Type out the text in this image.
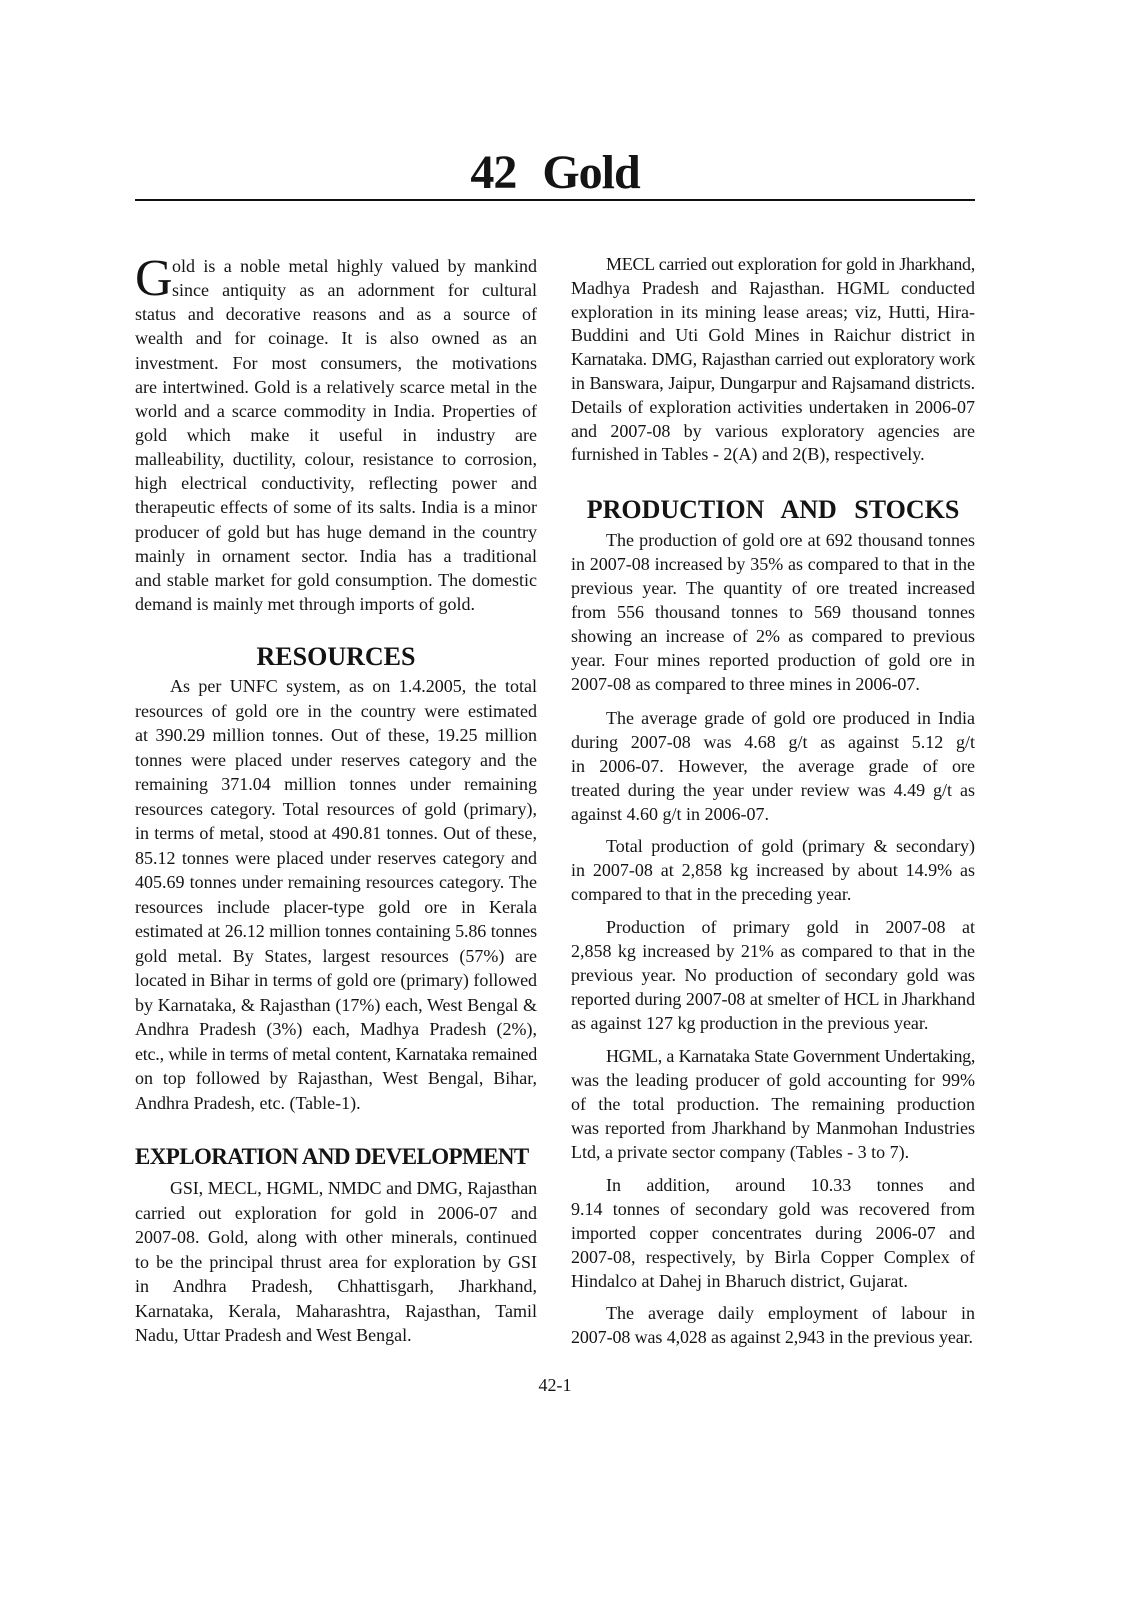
42 Gold
G old is a noble metal highly valued by mankind
since antiquity as an adornment for cultural
status and decorative reasons and as a source of
wealth and for coinage. It is also owned as an
investment. For most consumers, the motivations
are intertwined. Gold is a relatively scarce metal in the
world and a scarce commodity in India. Properties of
gold which make it useful in industry are
malleability, ductility, colour, resistance to corrosion,
high electrical conductivity, reflecting power and
therapeutic effects of some of its salts. India is a minor
producer of gold but has huge demand in the country
mainly in ornament sector. India has a traditional
and stable market for gold consumption. The domestic
demand is mainly met through imports of gold.
RESOURCES
As per UNFC system, as on 1.4.2005, the total
resources of gold ore in the country were estimated
at 390.29 million tonnes. Out of these, 19.25 million
tonnes were placed under reserves category and the
remaining 371.04 million tonnes under remaining
resources category. Total resources of gold (primary),
in terms of metal, stood at 490.81 tonnes. Out of these,
85.12 tonnes were placed under reserves category and
405.69 tonnes under remaining resources category. The
resources include placer-type gold ore in Kerala
estimated at 26.12 million tonnes containing 5.86 tonnes
gold metal. By States, largest resources (57%) are
located in Bihar in terms of gold ore (primary) followed
by Karnataka, & Rajasthan (17%) each, West Bengal &
Andhra Pradesh (3%) each, Madhya Pradesh (2%),
etc., while in terms of metal content, Karnataka remained
on top followed by Rajasthan, West Bengal, Bihar,
Andhra Pradesh, etc. (Table-1).
EXPLORATION AND DEVELOPMENT
GSI, MECL, HGML, NMDC and DMG, Rajasthan
carried out exploration for gold in 2006-07 and
2007-08. Gold, along with other minerals, continued
to be the principal thrust area for exploration by GSI
in Andhra Pradesh, Chhattisgarh, Jharkhand,
Karnataka, Kerala, Maharashtra, Rajasthan, Tamil
Nadu, Uttar Pradesh and West Bengal.
MECL carried out exploration for gold in Jharkhand,
Madhya Pradesh and Rajasthan. HGML conducted
exploration in its mining lease areas; viz, Hutti, Hira-
Buddini and Uti Gold Mines in Raichur district in
Karnataka. DMG, Rajasthan carried out exploratory work
in Banswara, Jaipur, Dungarpur and Rajsamand districts.
Details of exploration activities undertaken in 2006-07
and 2007-08 by various exploratory agencies are
furnished in Tables - 2(A) and 2(B), respectively.
PRODUCTION AND STOCKS
The production of gold ore at 692 thousand tonnes
in 2007-08 increased by 35% as compared to that in the
previous year. The quantity of ore treated increased
from 556 thousand tonnes to 569 thousand tonnes
showing an increase of 2% as compared to previous
year. Four mines reported production of gold ore in
2007-08 as compared to three mines in 2006-07.
The average grade of gold ore produced in India
during 2007-08 was 4.68 g/t as against 5.12 g/t
in 2006-07. However, the average grade of ore
treated during the year under review was 4.49 g/t as
against 4.60 g/t in 2006-07.
Total production of gold (primary & secondary)
in 2007-08 at 2,858 kg increased by about 14.9% as
compared to that in the preceding year.
Production of primary gold in 2007-08 at
2,858 kg increased by 21% as compared to that in the
previous year. No production of secondary gold was
reported during 2007-08 at smelter of HCL in Jharkhand
as against 127 kg production in the previous year.
HGML, a Karnataka State Government Undertaking,
was the leading producer of gold accounting for 99%
of the total production. The remaining production
was reported from Jharkhand by Manmohan Industries
Ltd, a private sector company (Tables - 3 to 7).
In addition, around 10.33 tonnes and
9.14 tonnes of secondary gold was recovered from
imported copper concentrates during 2006-07 and
2007-08, respectively, by Birla Copper Complex of
Hindalco at Dahej in Bharuch district, Gujarat.
The average daily employment of labour in
2007-08 was 4,028 as against 2,943 in the previous year.
42-1
